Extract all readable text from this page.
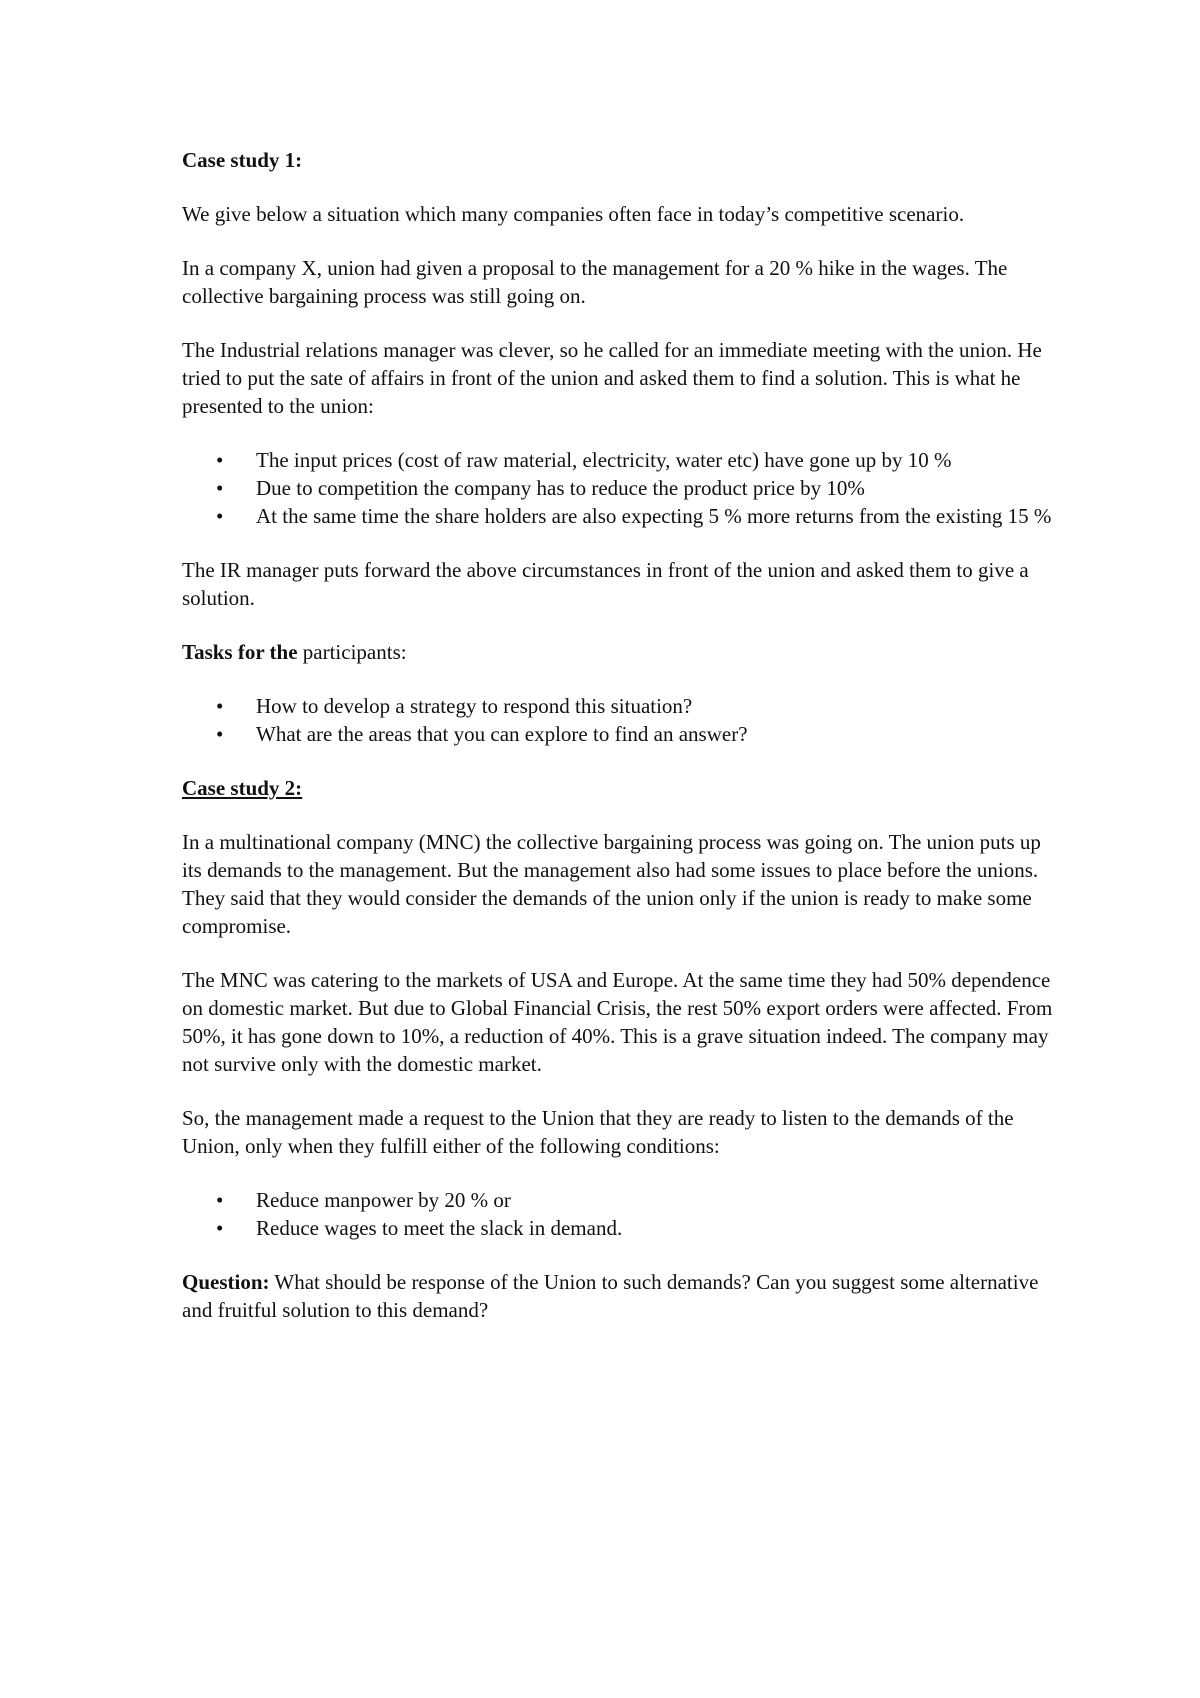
Case study 1:

We give below a situation which many companies often face in today’s competitive scenario.

In a company X, union had given a proposal to the management for a 20 % hike in the wages. The collective bargaining process was still going on.

The Industrial relations manager was clever, so he called for an immediate meeting with the union. He tried to put the sate of affairs in front of the union and asked them to find a solution. This is what he presented to the union:

• The input prices (cost of raw material, electricity, water etc) have gone up by 10 %
• Due to competition the company has to reduce the product price by 10%
• At the same time the share holders are also expecting 5 % more returns from the existing 15 %

The IR manager puts forward the above circumstances in front of the union and asked them to give a solution.

Tasks for the participants:

• How to develop a strategy to respond this situation?
• What are the areas that you can explore to find an answer?

Case study 2:

In a multinational company (MNC) the collective bargaining process was going on. The union puts up its demands to the management. But the management also had some issues to place before the unions. They said that they would consider the demands of the union only if the union is ready to make some compromise.

The MNC was catering to the markets of USA and Europe. At the same time they had 50% dependence on domestic market. But due to Global Financial Crisis, the rest 50% export orders were affected. From 50%, it has gone down to 10%, a reduction of 40%. This is a grave situation indeed. The company may not survive only with the domestic market.

So, the management made a request to the Union that they are ready to listen to the demands of the Union, only when they fulfill either of the following conditions:

• Reduce manpower by 20 % or
• Reduce wages to meet the slack in demand.

Question: What should be response of the Union to such demands? Can you suggest some alternative and fruitful solution to this demand?
